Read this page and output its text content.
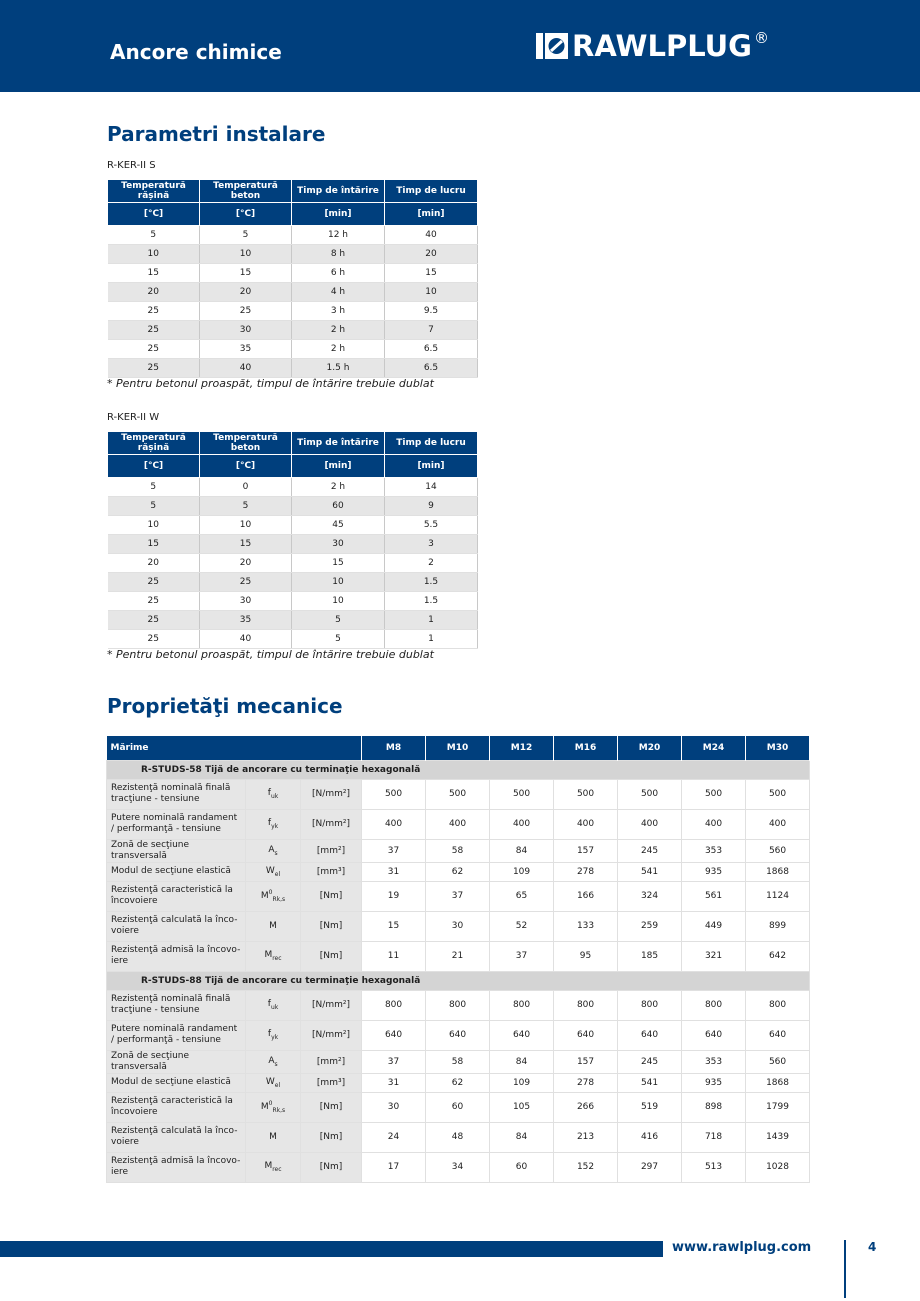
Ancore chimice	RAWLPLUG ®
Parametri instalare
R-KER-II S
Temperatură rășină	Temperatură beton	Timp de întărire	Timp de lucru
[°C]	[°C]	[min]	[min]
5	5	12 h	40
10	10	8 h	20
15	15	6 h	15
20	20	4 h	10
25	25	3 h	9.5
25	30	2 h	7
25	35	2 h	6.5
25	40	1.5 h	6.5
* Pentru betonul proaspăt, timpul de întărire trebuie dublat
R-KER-II W
Temperatură rășină	Temperatură beton	Timp de întărire	Timp de lucru
[°C]	[°C]	[min]	[min]
5	0	2 h	14
5	5	60	9
10	10	45	5.5
15	15	30	3
20	20	15	2
25	25	10	1.5
25	30	10	1.5
25	35	5	1
25	40	5	1
* Pentru betonul proaspăt, timpul de întărire trebuie dublat
Proprietăţi mecanice
Mărime			M8	M10	M12	M16	M20	M24	M30
R-STUDS-58 Tijă de ancorare cu terminaţie hexagonală									
Rezistenţă nominală finală tracţiune - tensiune	$f_{uk}$	[N/mm²]	500	500	500	500	500	500	500
Putere nominală randament / performanţă - tensiune	$f_{yk}$	[N/mm²]	400	400	400	400	400	400	400
Zonă de secţiune transversală	$A_s$	[mm²]	37	58	84	157	245	353	560
Modul de secţiune elastică	$W_{el}$	[mm³]	31	62	109	278	541	935	1868
Rezistenţă caracteristică la încovoiere	$M^0_{Rk,s}$	[Nm]	19	37	65	166	324	561	1124
Rezistenţă calculată la înco-voiere	M	[Nm]	15	30	52	133	259	449	899
Rezistenţă admisă la încovo-iere	$M_{rec}$	[Nm]	11	21	37	95	185	321	642
R-STUDS-88 Tijă de ancorare cu terminaţie hexagonală									
Rezistenţă nominală finală tracţiune - tensiune	$f_{uk}$	[N/mm²]	800	800	800	800	800	800	800
Putere nominală randament / performanţă - tensiune	$f_{yk}$	[N/mm²]	640	640	640	640	640	640	640
Zonă de secţiune transversală	$A_s$	[mm²]	37	58	84	157	245	353	560
Modul de secţiune elastică	$W_{el}$	[mm³]	31	62	109	278	541	935	1868
Rezistenţă caracteristică la încovoiere	$M^0_{Rk,s}$	[Nm]	30	60	105	266	519	898	1799
Rezistenţă calculată la înco-voiere	M	[Nm]	24	48	84	213	416	718	1439
Rezistenţă admisă la încovo-iere	$M_{rec}$	[Nm]	17	34	60	152	297	513	1028
www.rawlplug.com	4
